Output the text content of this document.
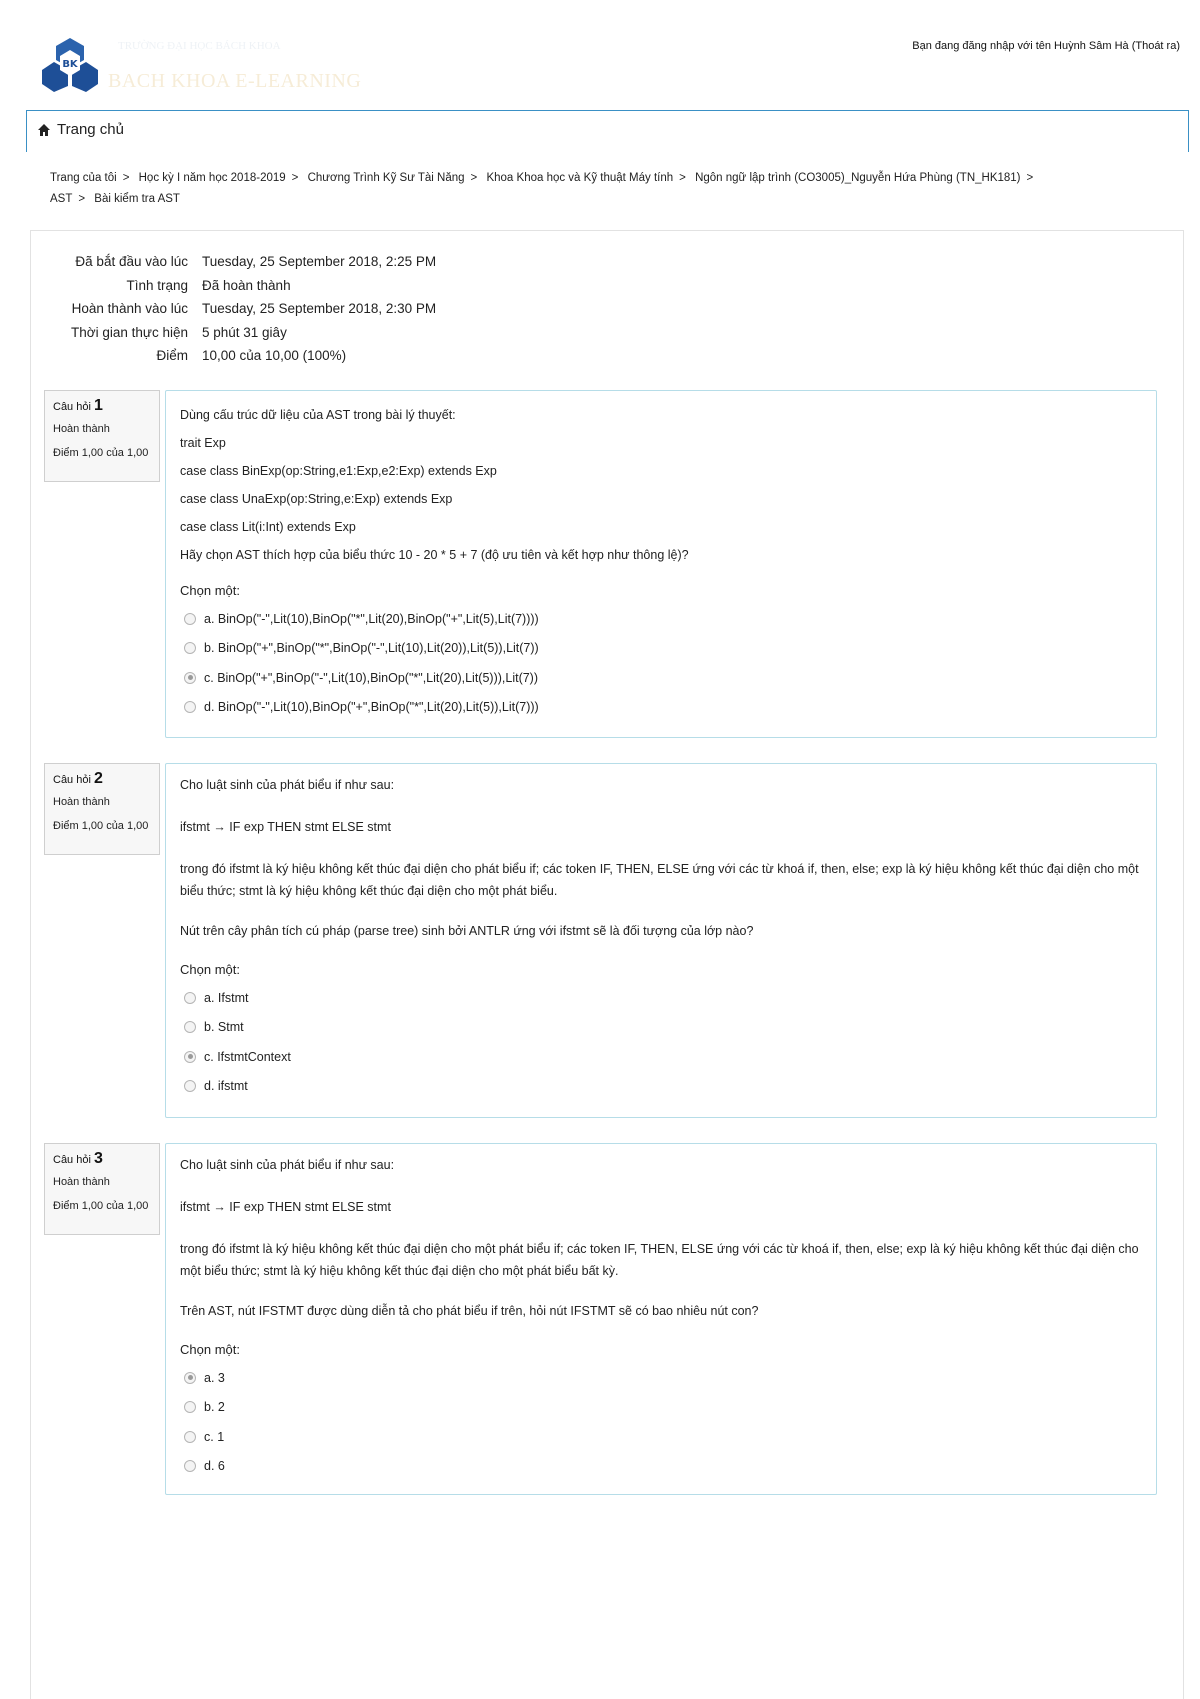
BK
TRƯỜNG ĐẠI HỌC BÁCH KHOA
BACH KHOA E-LEARNING
Bạn đang đăng nhập với tên Huỳnh Sâm Hà (Thoát ra)
Trang chủ
Trang của tôi > Học kỳ I năm học 2018-2019 > Chương Trình Kỹ Sư Tài Năng > Khoa Khoa học và Kỹ thuật Máy tính > Ngôn ngữ lập trình (CO3005)_Nguyễn Hứa Phùng (TN_HK181) >
AST > Bài kiểm tra AST
Đã bắt đầu vào lúc	Tuesday, 25 September 2018, 2:25 PM
Tình trạng	Đã hoàn thành
Hoàn thành vào lúc	Tuesday, 25 September 2018, 2:30 PM
Thời gian thực hiện	5 phút 31 giây
Điểm	10,00 của 10,00 (100%)
Câu hỏi 1
Hoàn thành
Điểm 1,00 của 1,00

Dùng cấu trúc dữ liệu của AST trong bài lý thuyết:

trait Exp

case class BinExp(op:String,e1:Exp,e2:Exp) extends Exp

case class UnaExp(op:String,e:Exp) extends Exp

case class Lit(i:Int) extends Exp

Hãy chọn AST thích hợp của biểu thức 10 - 20 * 5 + 7 (độ ưu tiên và kết hợp như thông lệ)?

Chọn một:
a. BinOp("-",Lit(10),BinOp("*",Lit(20),BinOp("+",Lit(5),Lit(7))))
b. BinOp("+",BinOp("*",BinOp("-",Lit(10),Lit(20)),Lit(5)),Lit(7))
c. BinOp("+",BinOp("-",Lit(10),BinOp("*",Lit(20),Lit(5))),Lit(7))
d. BinOp("-",Lit(10),BinOp("+",BinOp("*",Lit(20),Lit(5)),Lit(7)))
Câu hỏi 2
Hoàn thành
Điểm 1,00 của 1,00

Cho luật sinh của phát biểu if như sau:

ifstmt → IF exp THEN stmt ELSE stmt

trong đó ifstmt là ký hiệu không kết thúc đại diện cho phát biểu if; các token IF, THEN, ELSE ứng với các từ khoá if, then, else; exp là ký hiệu không kết thúc đại diện cho một biểu thức; stmt là ký hiệu không kết thúc đại diện cho một phát biểu.

Nút trên cây phân tích cú pháp (parse tree) sinh bởi ANTLR ứng với ifstmt sẽ là đối tượng của lớp nào?

Chọn một:
a. Ifstmt
b. Stmt
c. IfstmtContext
d. ifstmt
Câu hỏi 3
Hoàn thành
Điểm 1,00 của 1,00

Cho luật sinh của phát biểu if như sau:

ifstmt → IF exp THEN stmt ELSE stmt

trong đó ifstmt là ký hiệu không kết thúc đại diện cho một phát biểu if; các token IF, THEN, ELSE ứng với các từ khoá if, then, else; exp là ký hiệu không kết thúc đại diện cho một biểu thức; stmt là ký hiệu không kết thúc đại diện cho một phát biểu bất kỳ.

Trên AST, nút IFSTMT được dùng diễn tả cho phát biểu if trên, hỏi nút IFSTMT sẽ có bao nhiêu nút con?

Chọn một:
a. 3
b. 2
c. 1
d. 6
